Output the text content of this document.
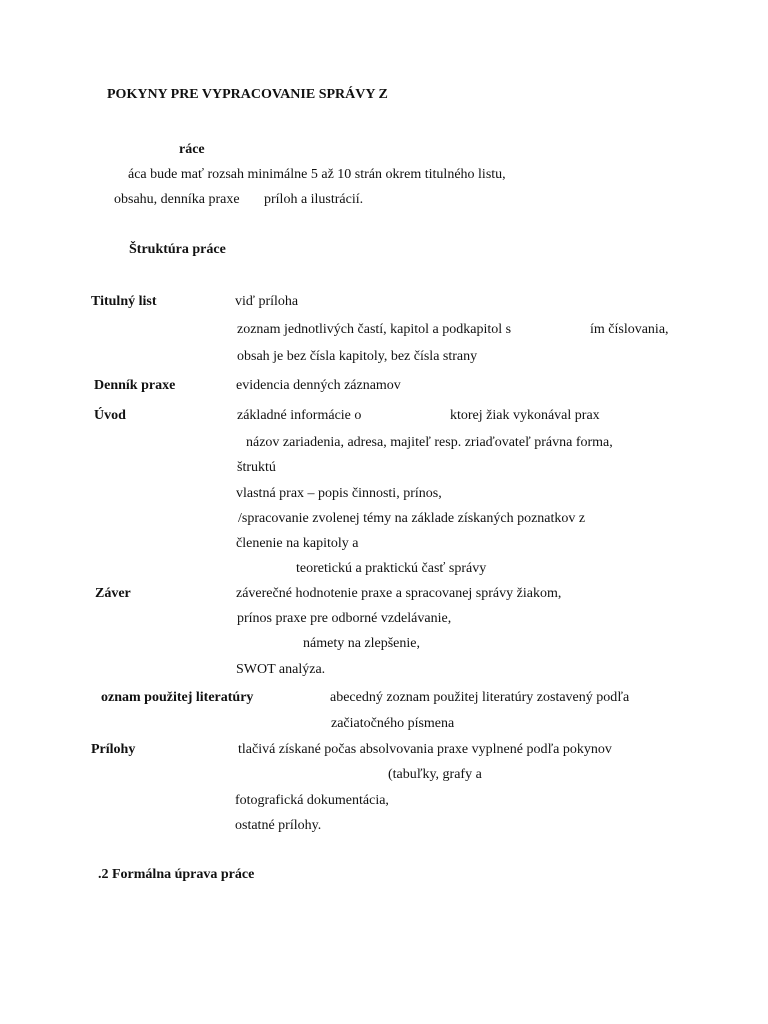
POKYNY PRE VYPRACOVANIE SPRÁVY Z
ráce
áca bude mať rozsah minimálne 5 až 10 strán okrem titulného listu,
obsahu, denníka praxe príloh a ilustrácií.
Štruktúra práce
Titulný list	viď príloha
zoznam jednotlivých častí, kapitol a podkapitol s	ím číslovania,
obsah je bez čísla kapitoly, bez čísla strany
Denník praxe	evidencia denných záznamov
Úvod	základné informácie o	ktorej žiak vykonával prax
názov zariadenia, adresa, majiteľ resp. zriaďovateľ právna forma,
štruktú
vlastná prax – popis činnosti, prínos,
/spracovanie zvolenej témy na základe získaných poznatkov z
členenie na kapitoly a
teoretickú a praktickú časť správy
Záver	záverečné hodnotenie praxe a spracovanej správy žiakom,
prínos praxe pre odborné vzdelávanie,
námety na zlepšenie,
SWOT analýza.
oznam použitej literatúry	abecedný zoznam použitej literatúry zostavený podľa
začiatočného písmena
Prílohy	tlačivá získané počas absolvovania praxe vyplnené podľa pokynov
(tabuľky, grafy a
fotografická dokumentácia,
ostatné prílohy.
.2 Formálna úprava práce
